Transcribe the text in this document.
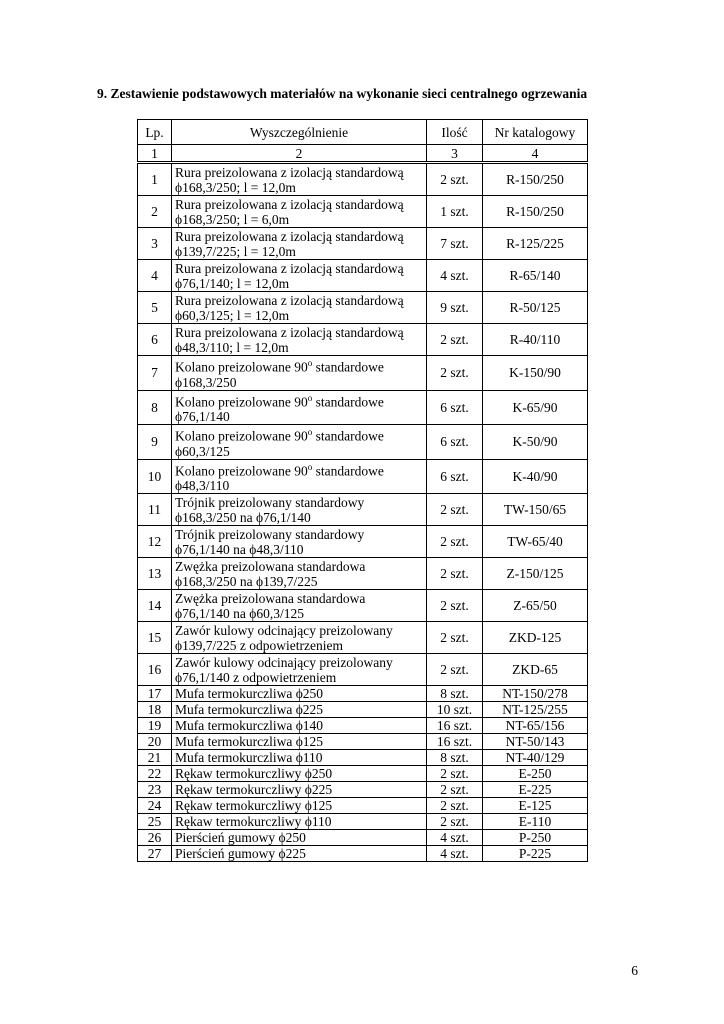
9. Zestawienie podstawowych materiałów na wykonanie sieci centralnego ogrzewania
Lp.	Wyszczególnienie	Ilość	Nr katalogowy
1	2	3	4
1	Rura preizolowana z izolacją standardową
ϕ168,3/250; l = 12,0m	2 szt.	R-150/250
2	Rura preizolowana z izolacją standardową
ϕ168,3/250; l = 6,0m	1 szt.	R-150/250
3	Rura preizolowana z izolacją standardową
ϕ139,7/225; l = 12,0m	7 szt.	R-125/225
4	Rura preizolowana z izolacją standardową
ϕ76,1/140; l = 12,0m	4 szt.	R-65/140
5	Rura preizolowana z izolacją standardową
ϕ60,3/125; l = 12,0m	9 szt.	R-50/125
6	Rura preizolowana z izolacją standardową
ϕ48,3/110; l = 12,0m	2 szt.	R-40/110
7	Kolano preizolowane 90$^o$ standardowe
ϕ168,3/250	2 szt.	K-150/90
8	Kolano preizolowane 90$^o$ standardowe
ϕ76,1/140	6 szt.	K-65/90
9	Kolano preizolowane 90$^o$ standardowe
ϕ60,3/125	6 szt.	K-50/90
10	Kolano preizolowane 90$^o$ standardowe
ϕ48,3/110	6 szt.	K-40/90
11	Trójnik preizolowany standardowy
ϕ168,3/250 na ϕ76,1/140	2 szt.	TW-150/65
12	Trójnik preizolowany standardowy
ϕ76,1/140 na ϕ48,3/110	2 szt.	TW-65/40
13	Zwężka preizolowana standardowa
ϕ168,3/250 na ϕ139,7/225	2 szt.	Z-150/125
14	Zwężka preizolowana standardowa
ϕ76,1/140 na ϕ60,3/125	2 szt.	Z-65/50
15	Zawór kulowy odcinający preizolowany
ϕ139,7/225 z odpowietrzeniem	2 szt.	ZKD-125
16	Zawór kulowy odcinający preizolowany
ϕ76,1/140 z odpowietrzeniem	2 szt.	ZKD-65
17	Mufa termokurczliwa ϕ250	8 szt.	NT-150/278
18	Mufa termokurczliwa ϕ225	10 szt.	NT-125/255
19	Mufa termokurczliwa ϕ140	16 szt.	NT-65/156
20	Mufa termokurczliwa ϕ125	16 szt.	NT-50/143
21	Mufa termokurczliwa ϕ110	8 szt.	NT-40/129
22	Rękaw termokurczliwy ϕ250	2 szt.	E-250
23	Rękaw termokurczliwy ϕ225	2 szt.	E-225
24	Rękaw termokurczliwy ϕ125	2 szt.	E-125
25	Rękaw termokurczliwy ϕ110	2 szt.	E-110
26	Pierścień gumowy ϕ250	4 szt.	P-250
27	Pierścień gumowy ϕ225	4 szt.	P-225
6
